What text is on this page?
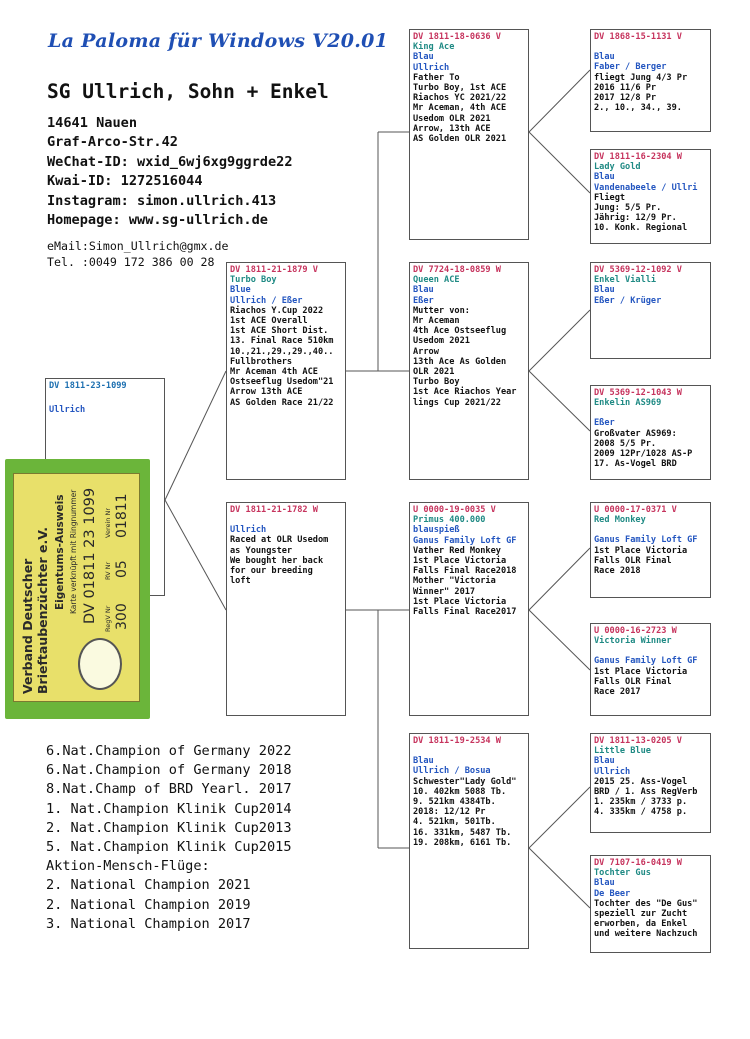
La Paloma für Windows V20.01
SG Ullrich, Sohn + Enkel
14641 Nauen
Graf-Arco-Str.42
WeChat-ID: wxid_6wj6xg9ggrde22
Kwai-ID: 1272516044
Instagram: simon.ullrich.413
Homepage: www.sg-ullrich.de
eMail:Simon_Ullrich@gmx.de
Tel. :0049 172 386 00 28
DV 1811-23-1099
Ullrich
Verband Deutscher Brieftaubenzüchter e.V. Eigentums-Ausweis Karte verknüpft mit Ringnummer DV 01811 23 1099 RegV Nr 300
RV Nr 05
Verein Nr 01811
DV 1811-21-1879 V
Turbo Boy
Blue
Ullrich / Eßer
Riachos Y.Cup 2022
1st ACE Overall
1st ACE Short Dist.
13. Final Race 510km
10.,21.,29.,29.,40..
Fullbrothers
Mr Aceman 4th ACE
Ostseeflug Usedom"21
Arrow 13th ACE
AS Golden Race 21/22
DV 1811-21-1782 W
Ullrich
Raced at OLR Usedom
as Youngster
We bought her back
for our breeding
loft
DV 1811-18-0636 V
King Ace
Blau
Ullrich
Father To
Turbo Boy, 1st ACE
Riachos YC 2021/22
Mr Aceman, 4th ACE
Usedom OLR 2021
Arrow, 13th ACE
AS Golden OLR 2021
DV 7724-18-0859 W
Queen ACE
Blau
Eßer
Mutter von:
Mr Aceman
4th Ace Ostseeflug
Usedom 2021
Arrow
13th Ace As Golden
OLR 2021
Turbo Boy
1st Ace Riachos Year
lings Cup 2021/22
U 0000-19-0035 V
Primus 400.000
blauspieß
Ganus Family Loft GF
Vather Red Monkey
1st Place Victoria
Falls Final Race2018
Mother "Victoria
Winner" 2017
1st Place Victoria
Falls Final Race2017
DV 1811-19-2534 W
Blau
Ullrich / Bosua
Schwester"Lady Gold"
10. 402km 5088 Tb.
9. 521km 4384Tb.
2018: 12/12 Pr
4. 521km, 501Tb.
16. 331km, 5487 Tb.
19. 208km, 6161 Tb.
DV 1868-15-1131 V
Blau
Faber / Berger
fliegt Jung 4/3 Pr
2016 11/6 Pr
2017 12/8 Pr
2., 10., 34., 39.
DV 1811-16-2304 W
Lady Gold
Blau
Vandenabeele / Ullri
Fliegt
Jung: 5/5 Pr.
Jährig: 12/9 Pr.
10. Konk. Regional
DV 5369-12-1092 V
Enkel Vialli
Blau
Eßer / Krüger
DV 5369-12-1043 W
Enkelin AS969
Eßer
Großvater AS969:
2008 5/5 Pr.
2009 12Pr/1028 AS-P
17. As-Vogel BRD
U 0000-17-0371 V
Red Monkey
Ganus Family Loft GF
1st Place Victoria
Falls OLR Final
Race 2018
U 0000-16-2723 W
Victoria Winner
Ganus Family Loft GF
1st Place Victoria
Falls OLR Final
Race 2017
DV 1811-13-0205 V
Little Blue
Blau
Ullrich
2015 25. Ass-Vogel
BRD / 1. Ass RegVerb
1. 235km / 3733 p.
4. 335km / 4758 p.
DV 7107-16-0419 W
Tochter Gus
Blau
De Beer
Tochter des "De Gus"
speziell zur Zucht
erworben, da Enkel
und weitere Nachzuch
6.Nat.Champion of Germany 2022
6.Nat.Champion of Germany 2018
8.Nat.Champ of BRD Yearl. 2017
1. Nat.Champion Klinik Cup2014
2. Nat.Champion Klinik Cup2013
5. Nat.Champion Klinik Cup2015
Aktion-Mensch-Flüge:
2. National Champion 2021
2. National Champion 2019
3. National Champion 2017
